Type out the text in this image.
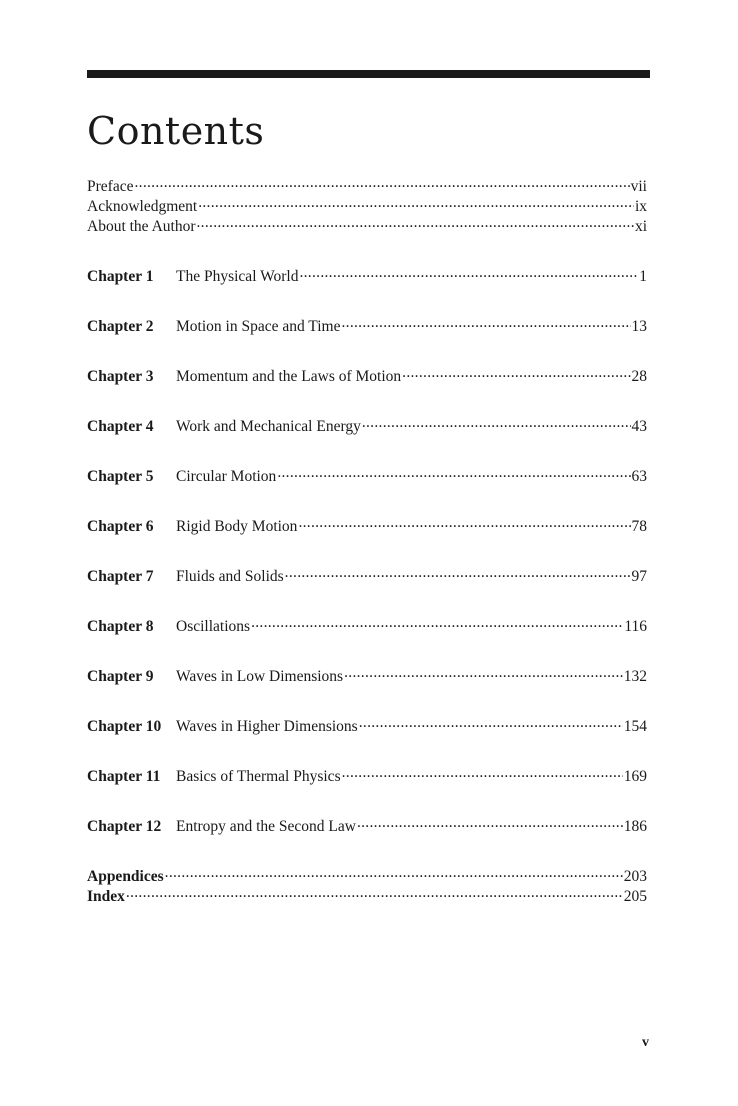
Contents
Preface .....	vii
Acknowledgment .....	ix
About the Author .....	xi
Chapter 1	The Physical World .....	1
Chapter 2	Motion in Space and Time .....	13
Chapter 3	Momentum and the Laws of Motion .....	28
Chapter 4	Work and Mechanical Energy .....	43
Chapter 5	Circular Motion .....	63
Chapter 6	Rigid Body Motion .....	78
Chapter 7	Fluids and Solids .....	97
Chapter 8	Oscillations .....	116
Chapter 9	Waves in Low Dimensions .....	132
Chapter 10 Waves in Higher Dimensions .....	154
Chapter 11	Basics of Thermal Physics .....	169
Chapter 12 Entropy and the Second Law .....	186
Appendices .....	203
Index .....	205
v
